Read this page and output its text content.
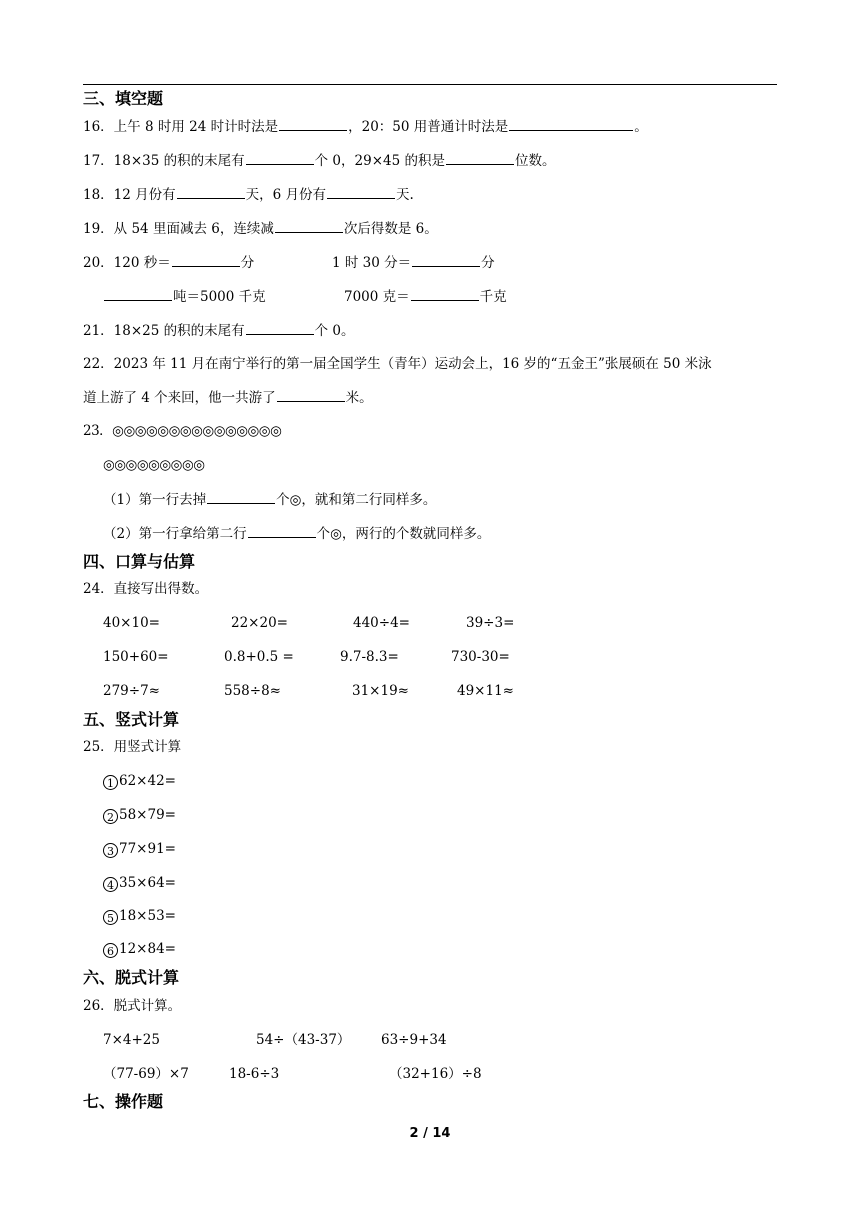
三、填空题
16．上午 8 时用 24 时计时法是	，20：50 用普通计时法是	。
17．18×35 的积的末尾有	个 0，29×45 的积是	位数。
18．12 月份有	天，6 月份有	天.
19．从 54 里面减去 6，连续减	次后得数是 6。
20．120 秒＝	分	1 时 30 分＝	分
吨＝5000 千克	7000 克＝	千克
21．18×25 的积的末尾有	个 0。
22．2023 年 11 月在南宁举行的第一届全国学生（青年）运动会上，16 岁的“五金王”张展硕在 50 米泳
道上游了 4 个来回，他一共游了	米。
23．◎◎◎◎◎◎◎◎◎◎◎◎◎◎◎
◎◎◎◎◎◎◎◎◎
（1）第一行去掉	个◎，就和第二行同样多。
（2）第一行拿给第二行	个◎，两行的个数就同样多。
四、口算与估算
24．直接写出得数。
40×10=	22×20=	440÷4=	39÷3=
150+60=	0.8+0.5 =	9.7-8.3=	730-30=
279÷7≈	558÷8≈	31×19≈	49×11≈
五、竖式计算
25．用竖式计算
1 62×42=
2 58×79=
3 77×91=
4 35×64=
5 18×53=
6 12×84=
六、脱式计算
26．脱式计算。
7×4+25	54÷（43-37） 63÷9+34
（77-69）×7	18-6÷3	（32+16）÷8
七、操作题
2 / 14
